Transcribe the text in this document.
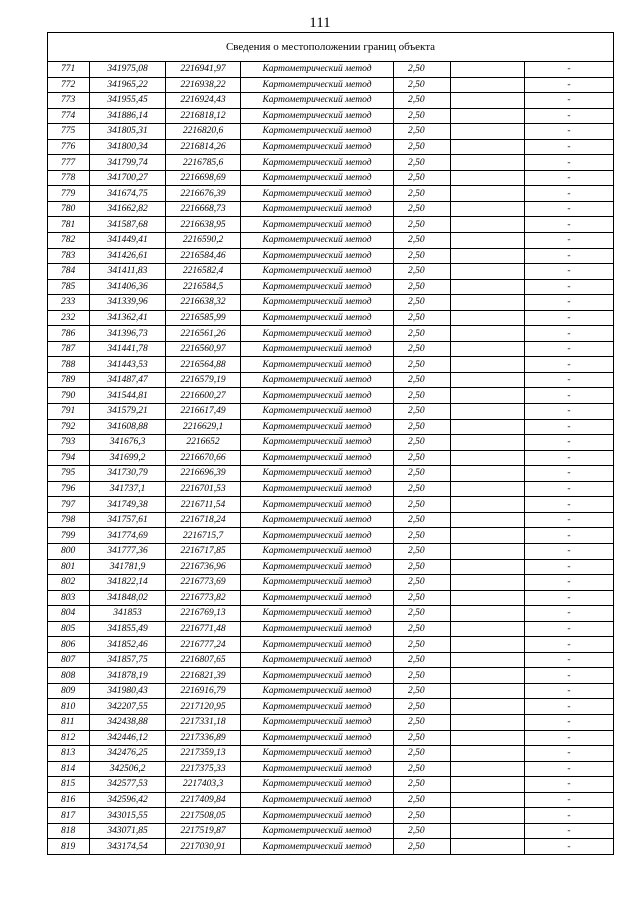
111
Сведения о местоположении границ объекта						
771	341975,08	2216941,97	Картометрический метод	2,50		-
772	341965,22	2216938,22	Картометрический метод	2,50		-
773	341955,45	2216924,43	Картометрический метод	2,50		-
774	341886,14	2216818,12	Картометрический метод	2,50		-
775	341805,31	2216820,6	Картометрический метод	2,50		-
776	341800,34	2216814,26	Картометрический метод	2,50		-
777	341799,74	2216785,6	Картометрический метод	2,50		-
778	341700,27	2216698,69	Картометрический метод	2,50		-
779	341674,75	2216676,39	Картометрический метод	2,50		-
780	341662,82	2216668,73	Картометрический метод	2,50		-
781	341587,68	2216638,95	Картометрический метод	2,50		-
782	341449,41	2216590,2	Картометрический метод	2,50		-
783	341426,61	2216584,46	Картометрический метод	2,50		-
784	341411,83	2216582,4	Картометрический метод	2,50		-
785	341406,36	2216584,5	Картометрический метод	2,50		-
233	341339,96	2216638,32	Картометрический метод	2,50		-
232	341362,41	2216585,99	Картометрический метод	2,50		-
786	341396,73	2216561,26	Картометрический метод	2,50		-
787	341441,78	2216560,97	Картометрический метод	2,50		-
788	341443,53	2216564,88	Картометрический метод	2,50		-
789	341487,47	2216579,19	Картометрический метод	2,50		-
790	341544,81	2216600,27	Картометрический метод	2,50		-
791	341579,21	2216617,49	Картометрический метод	2,50		-
792	341608,88	2216629,1	Картометрический метод	2,50		-
793	341676,3	2216652	Картометрический метод	2,50		-
794	341699,2	2216670,66	Картометрический метод	2,50		-
795	341730,79	2216696,39	Картометрический метод	2,50		-
796	341737,1	2216701,53	Картометрический метод	2,50		-
797	341749,38	2216711,54	Картометрический метод	2,50		-
798	341757,61	2216718,24	Картометрический метод	2,50		-
799	341774,69	2216715,7	Картометрический метод	2,50		-
800	341777,36	2216717,85	Картометрический метод	2,50		-
801	341781,9	2216736,96	Картометрический метод	2,50		-
802	341822,14	2216773,69	Картометрический метод	2,50		-
803	341848,02	2216773,82	Картометрический метод	2,50		-
804	341853	2216769,13	Картометрический метод	2,50		-
805	341855,49	2216771,48	Картометрический метод	2,50		-
806	341852,46	2216777,24	Картометрический метод	2,50		-
807	341857,75	2216807,65	Картометрический метод	2,50		-
808	341878,19	2216821,39	Картометрический метод	2,50		-
809	341980,43	2216916,79	Картометрический метод	2,50		-
810	342207,55	2217120,95	Картометрический метод	2,50		-
811	342438,88	2217331,18	Картометрический метод	2,50		-
812	342446,12	2217336,89	Картометрический метод	2,50		-
813	342476,25	2217359,13	Картометрический метод	2,50		-
814	342506,2	2217375,33	Картометрический метод	2,50		-
815	342577,53	2217403,3	Картометрический метод	2,50		-
816	342596,42	2217409,84	Картометрический метод	2,50		-
817	343015,55	2217508,05	Картометрический метод	2,50		-
818	343071,85	2217519,87	Картометрический метод	2,50		-
819	343174,54	2217030,91	Картометрический метод	2,50		-
